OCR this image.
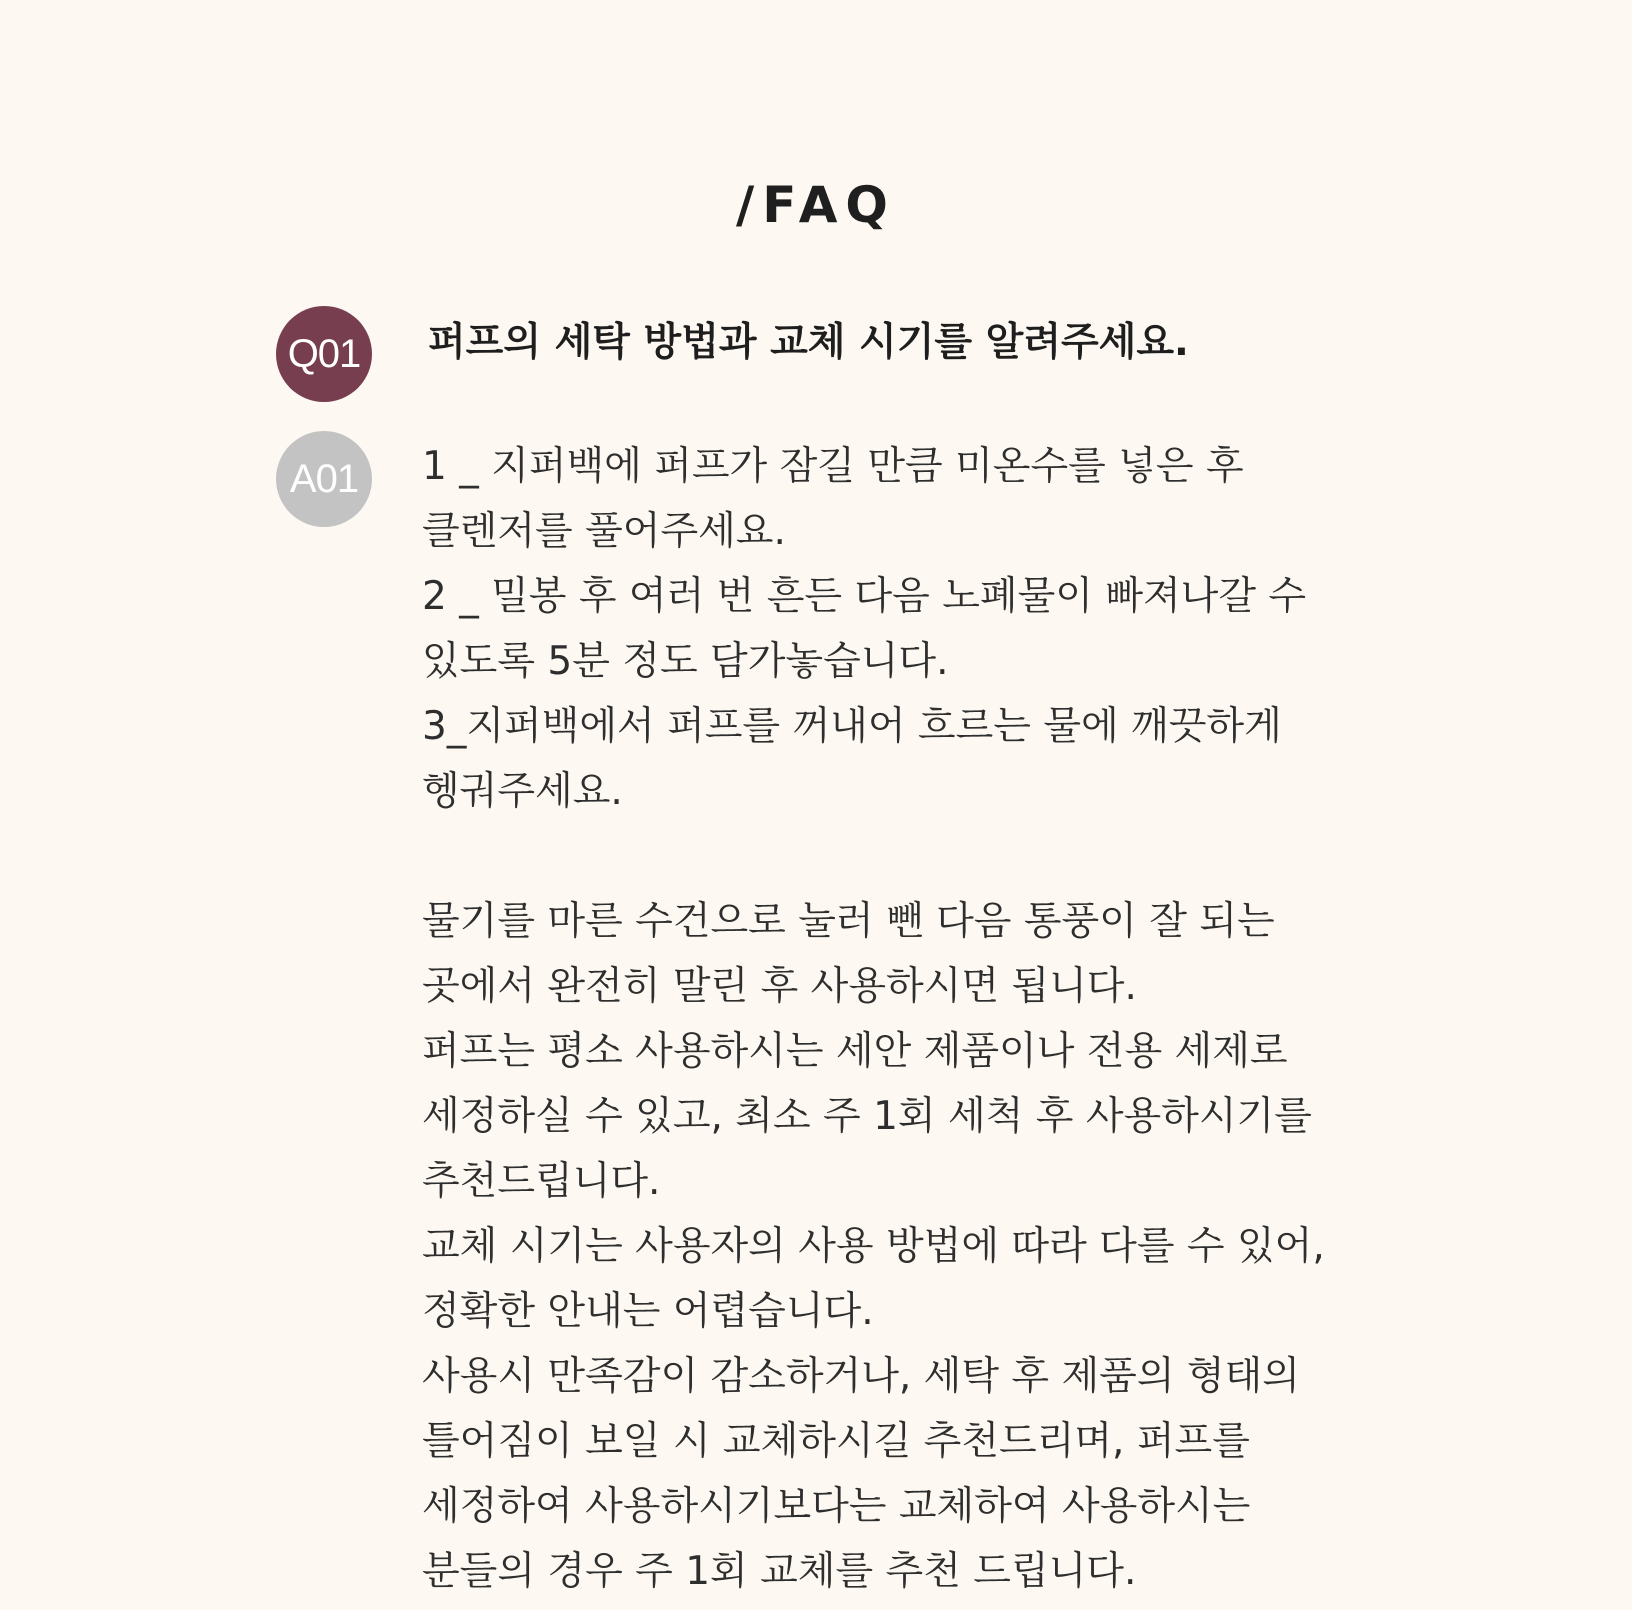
/FAQ
Q01	퍼프의 세탁 방법과 교체 시기를 알려주세요.
A01	1 _ 지퍼백에 퍼프가 잠길 만큼 미온수를 넣은 후
클렌저를 풀어주세요.
2 _ 밀봉 후 여러 번 흔든 다음 노폐물이 빠져나갈 수
있도록 5분 정도 담가놓습니다.
3_지퍼백에서 퍼프를 꺼내어 흐르는 물에 깨끗하게
헹궈주세요.
물기를 마른 수건으로 눌러 뺀 다음 통풍이 잘 되는
곳에서 완전히 말린 후 사용하시면 됩니다.
퍼프는 평소 사용하시는 세안 제품이나 전용 세제로
세정하실 수 있고, 최소 주 1회 세척 후 사용하시기를
추천드립니다.
교체 시기는 사용자의 사용 방법에 따라 다를 수 있어,
정확한 안내는 어렵습니다.
사용시 만족감이 감소하거나, 세탁 후 제품의 형태의
틀어짐이 보일 시 교체하시길 추천드리며, 퍼프를
세정하여 사용하시기보다는 교체하여 사용하시는
분들의 경우 주 1회 교체를 추천 드립니다.
